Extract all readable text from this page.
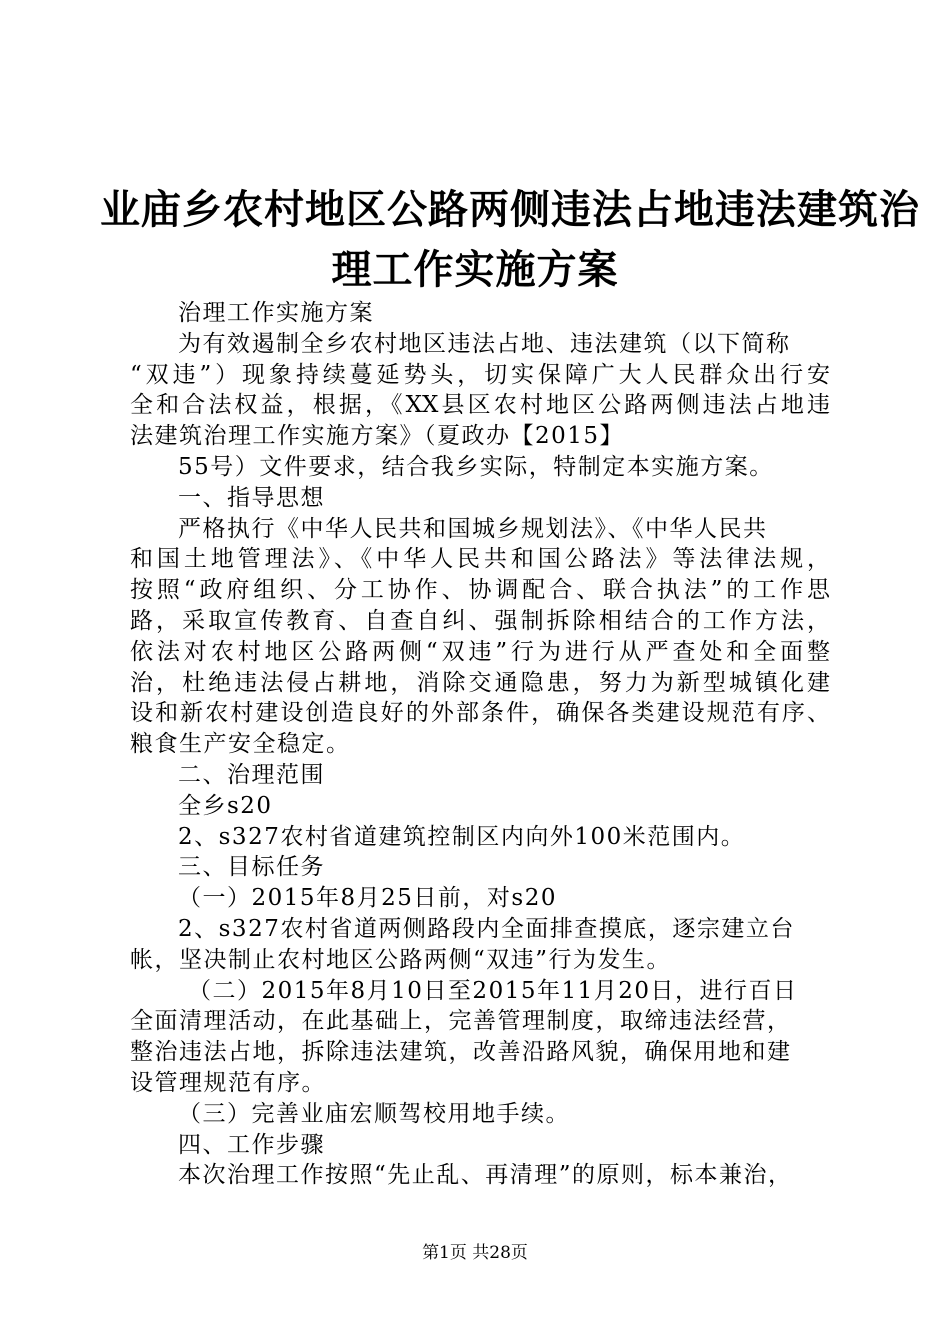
业庙乡农村地区公路两侧违法占地违法建筑治
理工作实施方案
治理工作实施方案
为有效遏制全乡农村地区违法占地、违法建筑（以下简称
“双违”）现象持续蔓延势头，切实保障广大人民群众出行安
全和合法权益，根据，《XX县区农村地区公路两侧违法占地违
法建筑治理工作实施方案》（夏政办【2015】
55号）文件要求，结合我乡实际，特制定本实施方案。
一、指导思想
严格执行《中华人民共和国城乡规划法》、《中华人民共
和国土地管理法》、《中华人民共和国公路法》等法律法规，
按照“政府组织、分工协作、协调配合、联合执法”的工作思
路，采取宣传教育、自查自纠、强制拆除相结合的工作方法，
依法对农村地区公路两侧“双违”行为进行从严查处和全面整
治，杜绝违法侵占耕地，消除交通隐患，努力为新型城镇化建
设和新农村建设创造良好的外部条件，确保各类建设规范有序、
粮食生产安全稳定。
二、治理范围
全乡s20
2、s327农村省道建筑控制区内向外100米范围内。
三、目标任务
（一）2015年8月25日前，对s20
2、s327农村省道两侧路段内全面排查摸底，逐宗建立台
帐，坚决制止农村地区公路两侧“双违”行为发生。
（二）2015年8月10日至2015年11月20日，进行百日
全面清理活动，在此基础上，完善管理制度，取缔违法经营，
整治违法占地，拆除违法建筑，改善沿路风貌，确保用地和建
设管理规范有序。
（三）完善业庙宏顺驾校用地手续。
四、工作步骤
本次治理工作按照“先止乱、再清理”的原则，标本兼治，
第1页 共28页
